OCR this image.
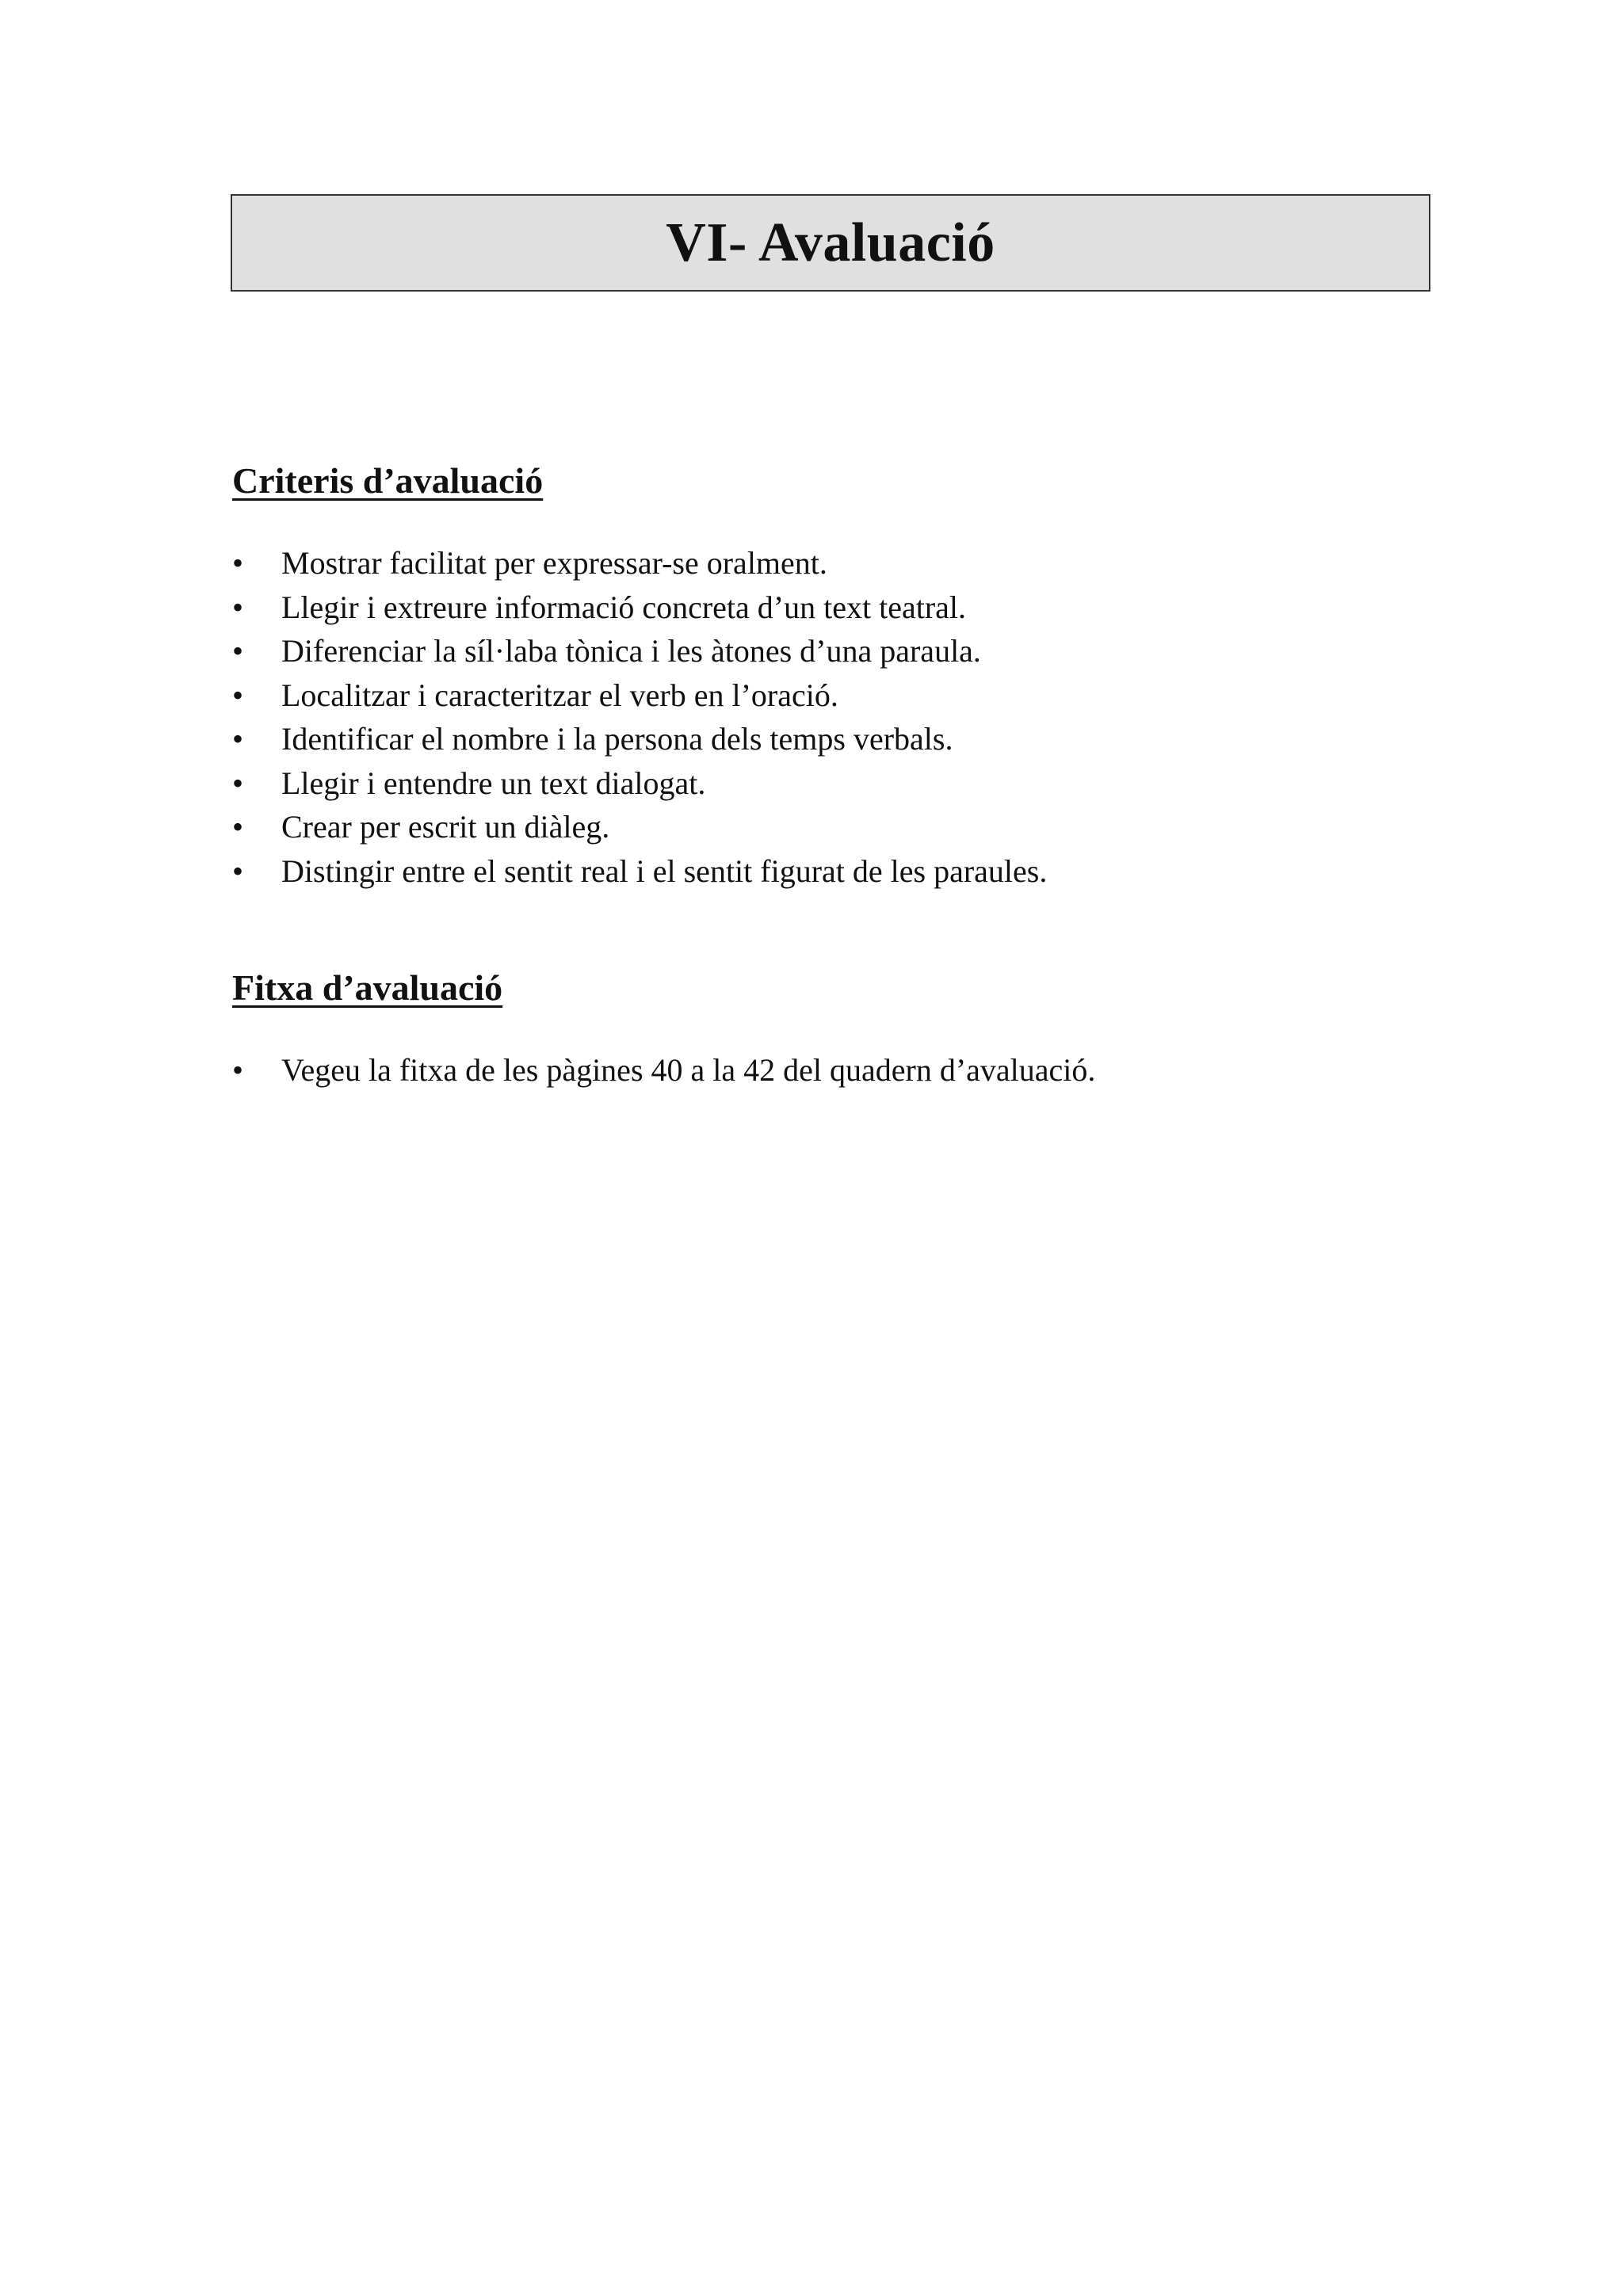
VI- Avaluació
Criteris d’avaluació
• Mostrar facilitat per expressar-se oralment.
• Llegir i extreure informació concreta d’un text teatral.
• Diferenciar la síl·laba tònica i les àtones d’una paraula.
• Localitzar i caracteritzar el verb en l’oració.
• Identificar el nombre i la persona dels temps verbals.
• Llegir i entendre un text dialogat.
• Crear per escrit un diàleg.
• Distingir entre el sentit real i el sentit figurat de les paraules.
Fitxa d’avaluació
• Vegeu la fitxa de les pàgines 40 a la 42 del quadern d’avaluació.
